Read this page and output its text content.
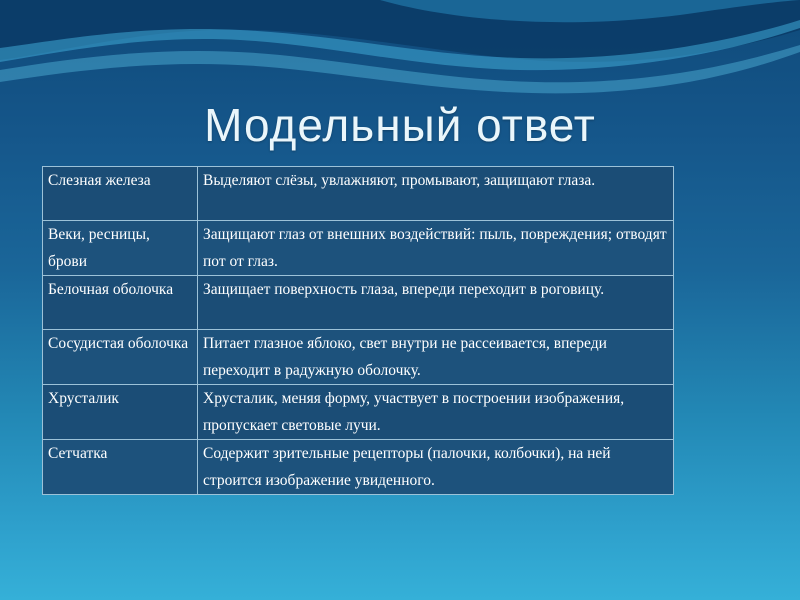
Модельный ответ
Слезная железа	Выделяют слёзы, увлажняют, промывают, защищают глаза.
Веки, ресницы, брови	Защищают глаз от внешних воздействий: пыль, повреждения; отводят пот от глаз.
Белочная оболочка	Защищает поверхность глаза, впереди переходит в роговицу.
Сосудистая оболочка	Питает глазное яблоко, свет внутри не рассеивается, впереди переходит в радужную оболочку.
Хрусталик	Хрусталик, меняя форму, участвует в построении изображения, пропускает световые лучи.
Сетчатка	Содержит зрительные рецепторы (палочки, колбочки), на ней строится изображение увиденного.
